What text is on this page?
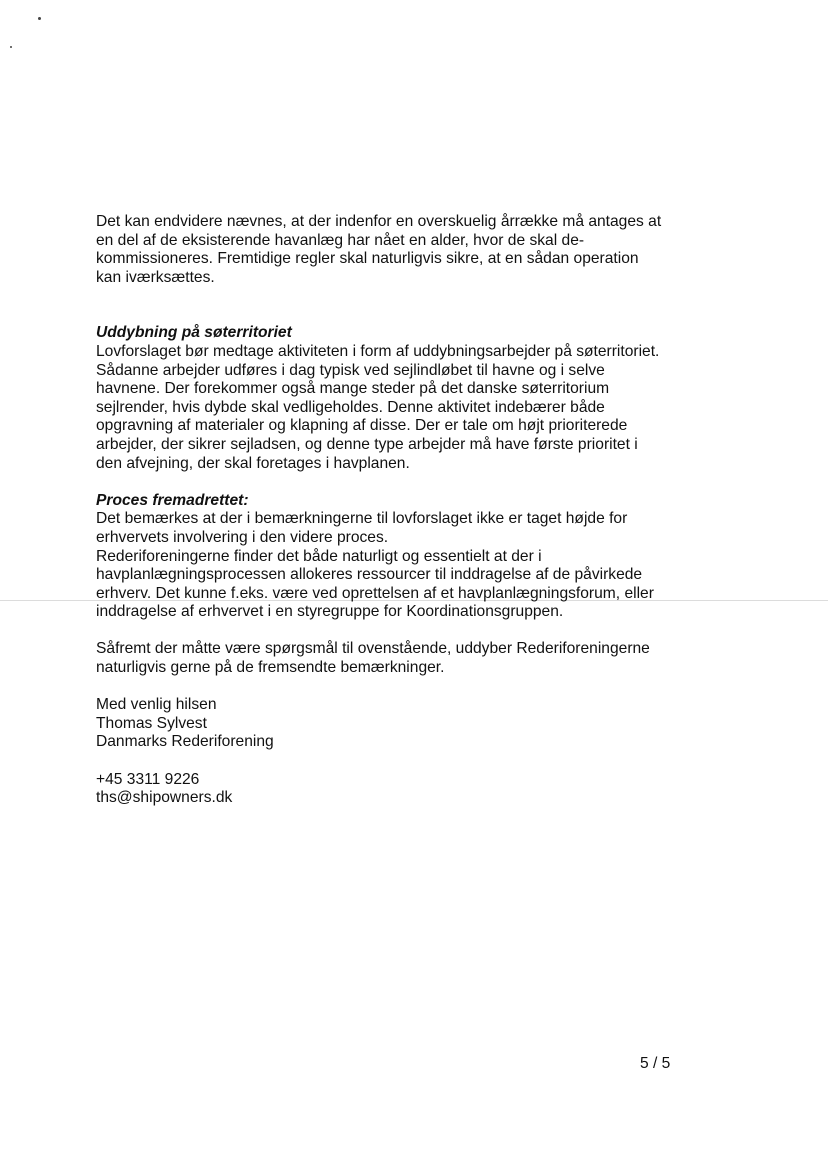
Det kan endvidere nævnes, at der indenfor en overskuelig årrække må antages at
en del af de eksisterende havanlæg har nået en alder, hvor de skal de-
kommissioneres. Fremtidige regler skal naturligvis sikre, at en sådan operation
kan iværksættes.

Uddybning på søterritoriet
Lovforslaget bør medtage aktiviteten i form af uddybningsarbejder på søterritoriet.
Sådanne arbejder udføres i dag typisk ved sejlindløbet til havne og i selve
havnene. Der forekommer også mange steder på det danske søterritorium
sejlrender, hvis dybde skal vedligeholdes. Denne aktivitet indebærer både
opgravning af materialer og klapning af disse. Der er tale om højt prioriterede
arbejder, der sikrer sejladsen, og denne type arbejder må have første prioritet i
den afvejning, der skal foretages i havplanen.
Proces fremadrettet:
Det bemærkes at der i bemærkningerne til lovforslaget ikke er taget højde for
erhvervets involvering i den videre proces.
Rederiforeningerne finder det både naturligt og essentielt at der i
havplanlægningsprocessen allokeres ressourcer til inddragelse af de påvirkede
erhverv. Det kunne f.eks. være ved oprettelsen af et havplanlægningsforum, eller
inddragelse af erhvervet i en styregruppe for Koordinationsgruppen.

Såfremt der måtte være spørgsmål til ovenstående, uddyber Rederiforeningerne
naturligvis gerne på de fremsendte bemærkninger.

Med venlig hilsen
Thomas Sylvest
Danmarks Rederiforening
+45 3311 9226
ths@shipowners.dk
5 / 5
